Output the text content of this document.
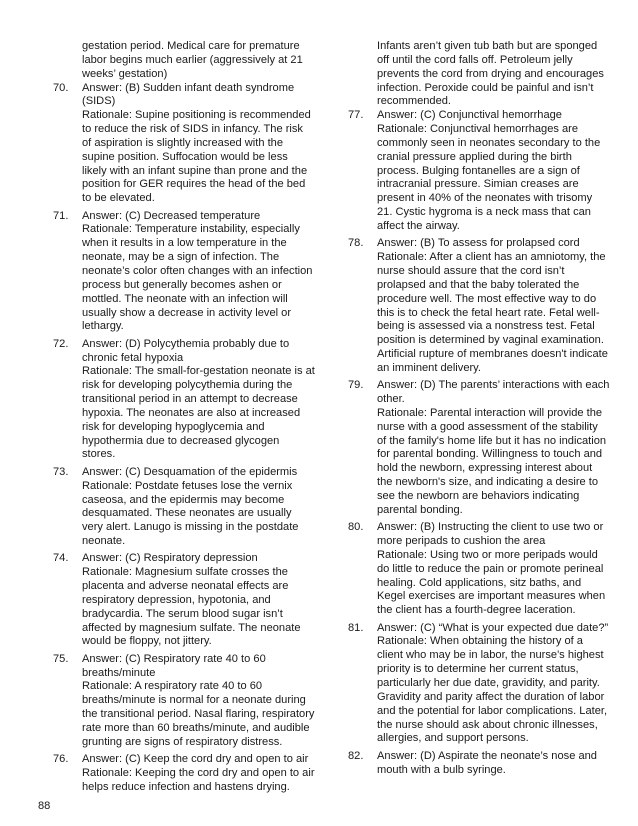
gestation period. Medical care for premature labor begins much earlier (aggressively at 21 weeks’ gestation)

70. Answer: (B) Sudden infant death syndrome (SIDS)

Rationale: Supine positioning is recommended to reduce the risk of SIDS in infancy. The risk of aspiration is slightly increased with the supine position. Suffocation would be less likely with an infant supine than prone and the position for GER requires the head of the bed to be elevated.

71. Answer: (C) Decreased temperature

Rationale: Temperature instability, especially when it results in a low temperature in the neonate, may be a sign of infection. The neonate’s color often changes with an infection process but generally becomes ashen or mottled. The neonate with an infection will usually show a decrease in activity level or lethargy.

72. Answer: (D) Polycythemia probably due to chronic fetal hypoxia

Rationale: The small-for-gestation neonate is at risk for developing polycythemia during the transitional period in an attempt to decrease hypoxia. The neonates are also at increased risk for developing hypoglycemia and hypothermia due to decreased glycogen stores.

73. Answer: (C) Desquamation of the epidermis

Rationale: Postdate fetuses lose the vernix caseosa, and the epidermis may become desquamated. These neonates are usually very alert. Lanugo is missing in the postdate neonate.

74. Answer: (C) Respiratory depression

Rationale: Magnesium sulfate crosses the placenta and adverse neonatal effects are respiratory depression, hypotonia, and bradycardia. The serum blood sugar isn’t affected by magnesium sulfate. The neonate would be floppy, not jittery.

75. Answer: (C) Respiratory rate 40 to 60 breaths/minute

Rationale: A respiratory rate 40 to 60 breaths/minute is normal for a neonate during the transitional period. Nasal flaring, respiratory rate more than 60 breaths/minute, and audible grunting are signs of respiratory distress.

76. Answer: (C) Keep the cord dry and open to air

Rationale: Keeping the cord dry and open to air helps reduce infection and hastens drying.

Infants aren’t given tub bath but are sponged off until the cord falls off. Petroleum jelly prevents the cord from drying and encourages infection. Peroxide could be painful and isn’t recommended.

77. Answer: (C) Conjunctival hemorrhage

Rationale: Conjunctival hemorrhages are commonly seen in neonates secondary to the cranial pressure applied during the birth process. Bulging fontanelles are a sign of intracranial pressure. Simian creases are present in 40% of the neonates with trisomy 21. Cystic hygroma is a neck mass that can affect the airway.

78. Answer: (B) To assess for prolapsed cord

Rationale: After a client has an amniotomy, the nurse should assure that the cord isn’t prolapsed and that the baby tolerated the procedure well. The most effective way to do this is to check the fetal heart rate. Fetal well-being is assessed via a nonstress test. Fetal position is determined by vaginal examination. Artificial rupture of membranes doesn't indicate an imminent delivery.

79. Answer: (D) The parents’ interactions with each other.

Rationale: Parental interaction will provide the nurse with a good assessment of the stability of the family's home life but it has no indication for parental bonding. Willingness to touch and hold the newborn, expressing interest about the newborn's size, and indicating a desire to see the newborn are behaviors indicating parental bonding.

80. Answer: (B) Instructing the client to use two or more peripads to cushion the area

Rationale: Using two or more peripads would do little to reduce the pain or promote perineal healing. Cold applications, sitz baths, and Kegel exercises are important measures when the client has a fourth-degree laceration.

81. Answer: (C) “What is your expected due date?”

Rationale: When obtaining the history of a client who may be in labor, the nurse's highest priority is to determine her current status, particularly her due date, gravidity, and parity. Gravidity and parity affect the duration of labor and the potential for labor complications. Later, the nurse should ask about chronic illnesses, allergies, and support persons.

82. Answer: (D) Aspirate the neonate’s nose and mouth with a bulb syringe.

88
